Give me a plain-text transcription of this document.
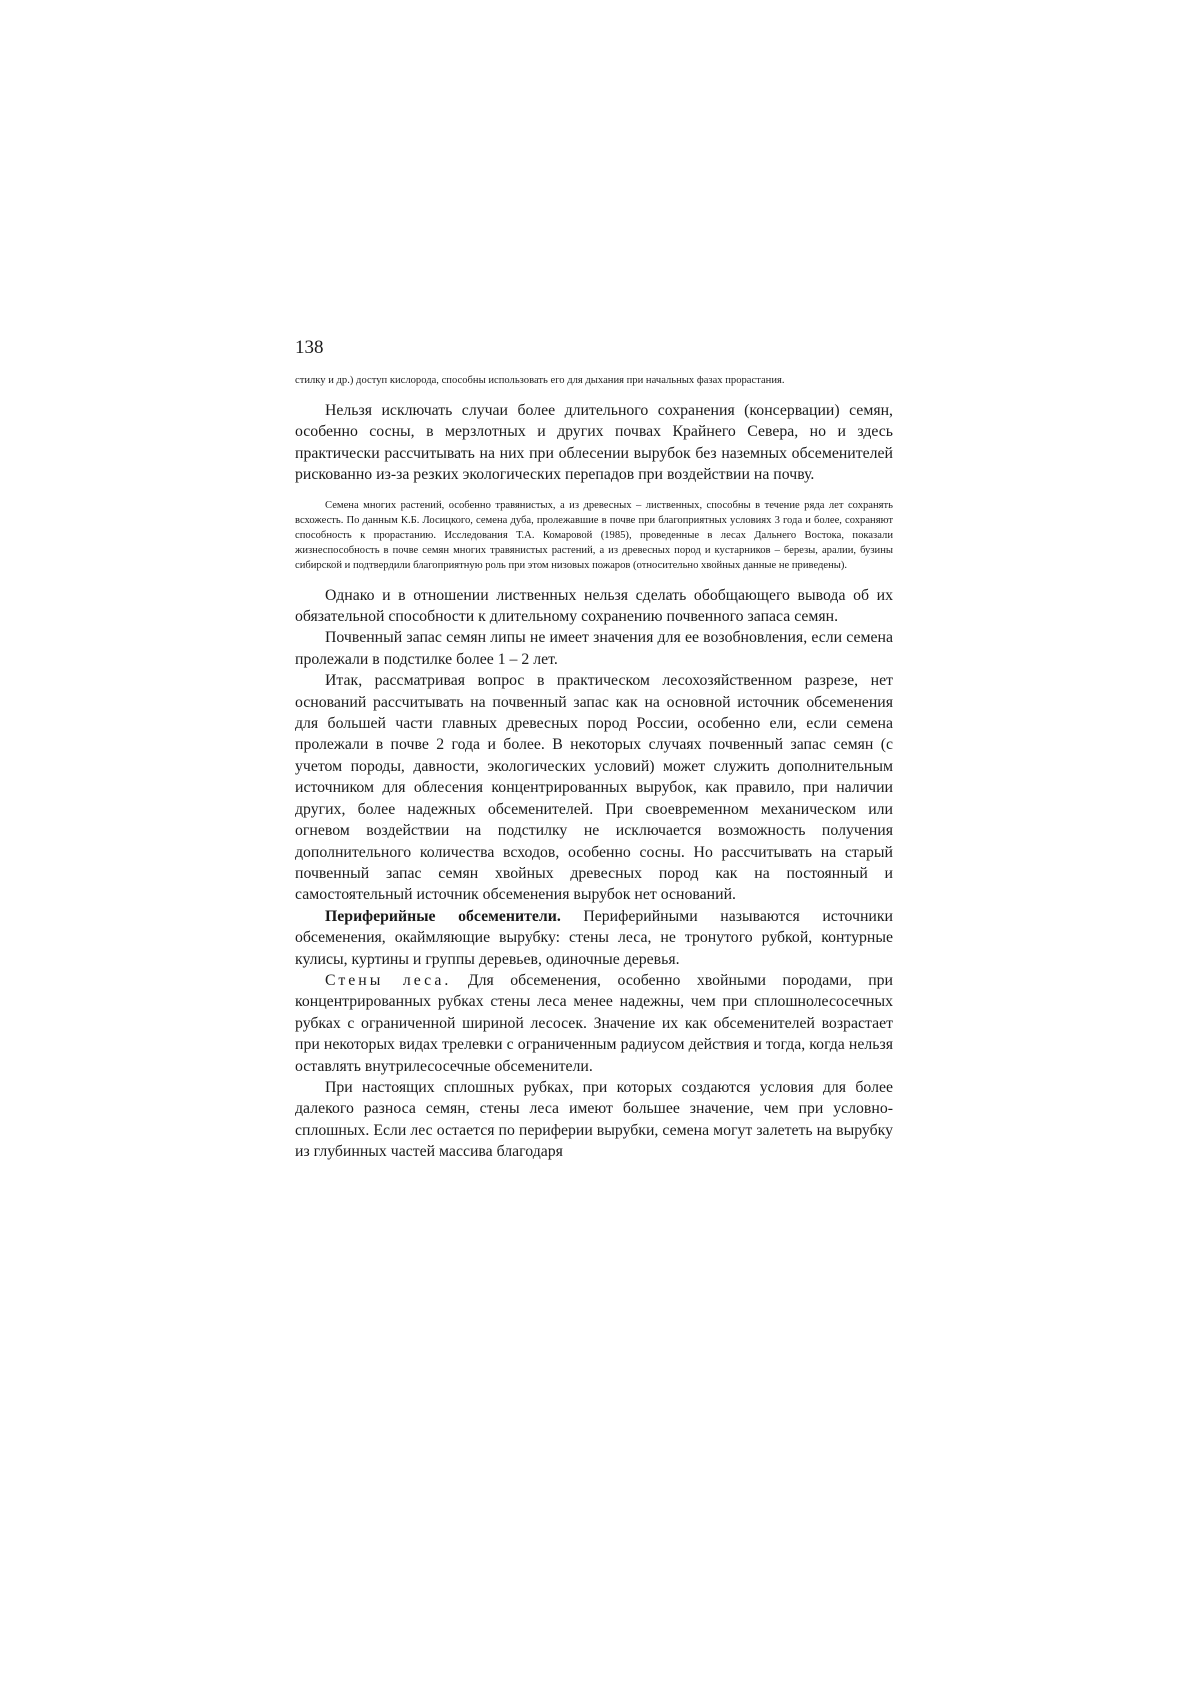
138

стилку и др.) доступ кислорода, способны использовать его для дыхания при начальных фазах прорастания.

Нельзя исключать случаи более длительного сохранения (консервации) семян, особенно сосны, в мерзлотных и других почвах Крайнего Севера, но и здесь практически рассчитывать на них при облесении вырубок без наземных обсеменителей рискованно из-за резких экологических перепадов при воздействии на почву.

Семена многих растений, особенно травянистых, а из древесных – лиственных, способны в течение ряда лет сохранять всхожесть. По данным К.Б. Лосицкого, семена дуба, пролежавшие в почве при благоприятных условиях 3 года и более, сохраняют способность к прорастанию. Исследования Т.А. Комаровой (1985), проведенные в лесах Дальнего Востока, показали жизнеспособность в почве семян многих травянистых растений, а из древесных пород и кустарников – березы, аралии, бузины сибирской и подтвердили благоприятную роль при этом низовых пожаров (относительно хвойных данные не приведены).

Однако и в отношении лиственных нельзя сделать обобщающего вывода об их обязательной способности к длительному сохранению почвенного запаса семян.

Почвенный запас семян липы не имеет значения для ее возобновления, если семена пролежали в подстилке более 1 – 2 лет.

Итак, рассматривая вопрос в практическом лесохозяйственном разрезе, нет оснований рассчитывать на почвенный запас как на основной источник обсеменения для большей части главных древесных пород России, особенно ели, если семена пролежали в почве 2 года и более. В некоторых случаях почвенный запас семян (с учетом породы, давности, экологических условий) может служить дополнительным источником для облесения концентрированных вырубок, как правило, при наличии других, более надежных обсеменителей. При своевременном механическом или огневом воздействии на подстилку не исключается возможность получения дополнительного количества всходов, особенно сосны. Но рассчитывать на старый почвенный запас семян хвойных древесных пород как на постоянный и самостоятельный источник обсеменения вырубок нет оснований.

Периферийные обсеменители. Периферийными называются источники обсеменения, окаймляющие вырубку: стены леса, не тронутого рубкой, контурные кулисы, куртины и группы деревьев, одиночные деревья.

Стены леса. Для обсеменения, особенно хвойными породами, при концентрированных рубках стены леса менее надежны, чем при сплошнолесосечных рубках с ограниченной шириной лесосек. Значение их как обсеменителей возрастает при некоторых видах трелевки с ограниченным радиусом действия и тогда, когда нельзя оставлять внутрилесосечные обсеменители.

При настоящих сплошных рубках, при которых создаются условия для более далекого разноса семян, стены леса имеют большее значение, чем при условно-сплошных. Если лес остается по периферии вырубки, семена могут залететь на вырубку из глубинных частей массива благодаря
